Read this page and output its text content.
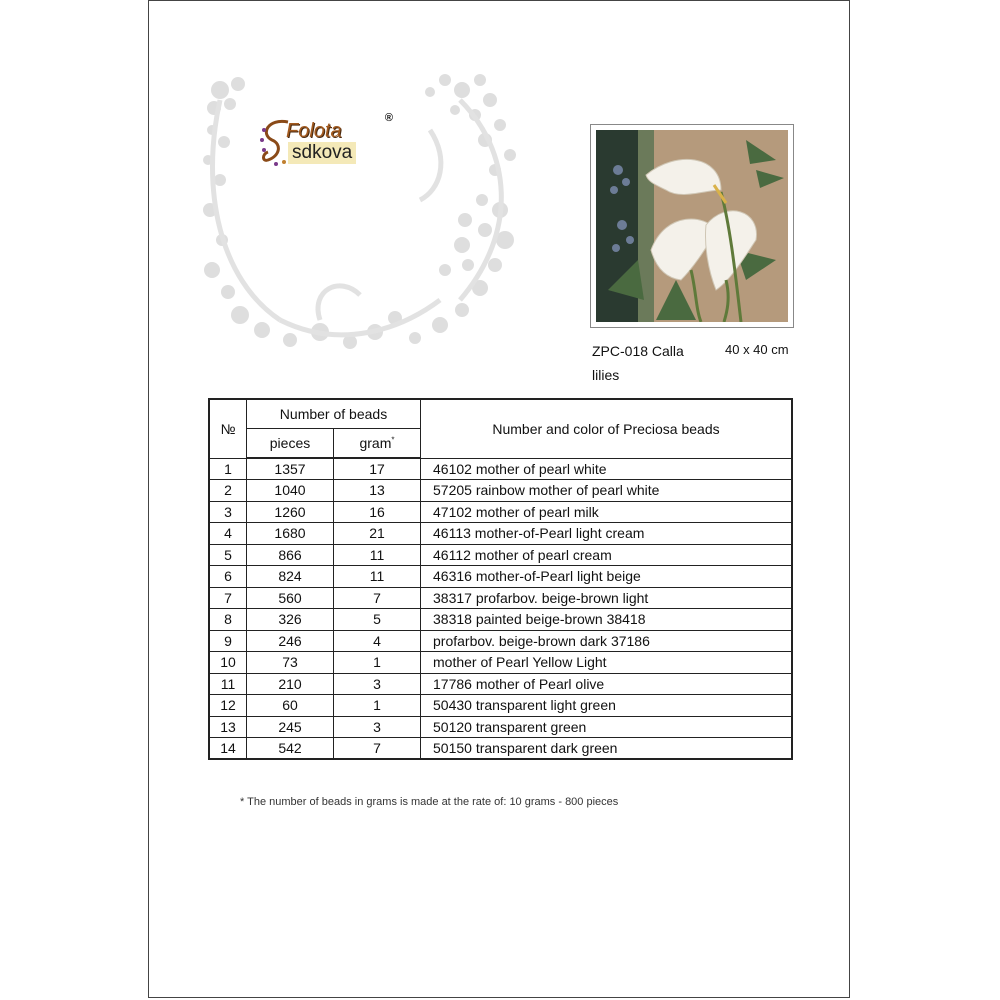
Folota
sdkova
®
ZPC-018 Calla lilies
40 x 40 cm
№	Number of beads		Number and color of Preciosa beads
	pieces	gram*
1	1357	17	46102 mother of pearl white
2	1040	13	57205 rainbow mother of pearl white
3	1260	16	47102 mother of pearl milk
4	1680	21	46113 mother-of-Pearl light cream
5	866	11	46112 mother of pearl cream
6	824	11	46316 mother-of-Pearl light beige
7	560	7	38317 profarbov. beige-brown light
8	326	5	38318 painted beige-brown 38418
9	246	4	profarbov. beige-brown dark 37186
10	73	1	mother of Pearl Yellow Light
11	210	3	17786 mother of Pearl olive
12	60	1	50430 transparent light green
13	245	3	50120 transparent green
14	542	7	50150 transparent dark green
* The number of beads in grams is made at the rate of: 10 grams - 800 pieces
